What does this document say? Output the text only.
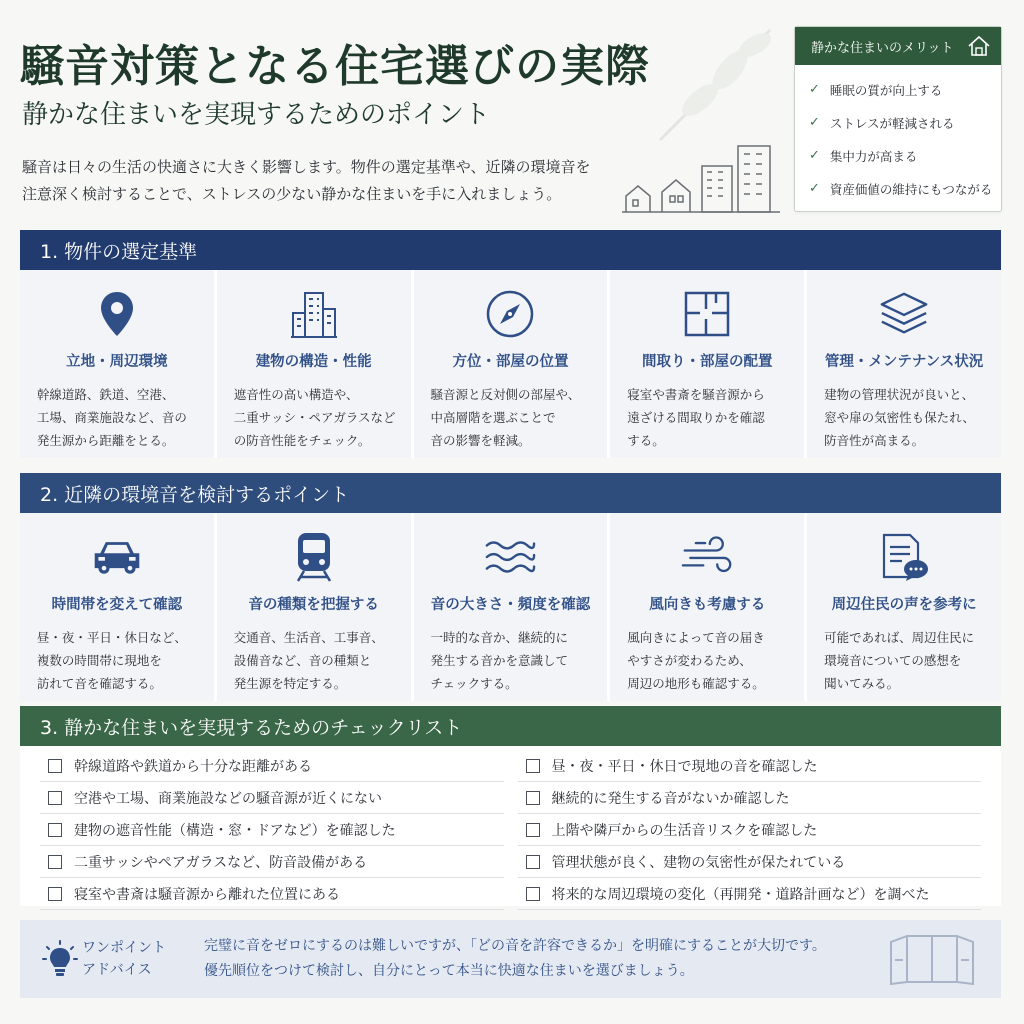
騒音対策となる住宅選びの実際
静かな住まいを実現するためのポイント

騒音は日々の生活の快適さに大きく影響します。物件の選定基準や、近隣の環境音を

注意深く検討することで、ストレスの少ない静かな住まいを手に入れましょう。

静かな住まいのメリット
✓ 睡眠の質が向上する
✓ ストレスが軽減される
✓ 集中力が高まる
✓ 資産価値の維持にもつながる
1. 物件の選定基準
立地・周辺環境

幹線道路、鉄道、空港、

工場、商業施設など、音の

発生源から距離をとる。

建物の構造・性能

遮音性の高い構造や、

二重サッシ・ペアガラスなど

の防音性能をチェック。

方位・部屋の位置

騒音源と反対側の部屋や、

中高層階を選ぶことで

音の影響を軽減。

間取り・部屋の配置

寝室や書斎を騒音源から

遠ざける間取りかを確認

する。

管理・メンテナンス状況

建物の管理状況が良いと、

窓や扉の気密性も保たれ、

防音性が高まる。

2. 近隣の環境音を検討するポイント
時間帯を変えて確認

昼・夜・平日・休日など、

複数の時間帯に現地を

訪れて音を確認する。

音の種類を把握する

交通音、生活音、工事音、

設備音など、音の種類と

発生源を特定する。

音の大きさ・頻度を確認

一時的な音か、継続的に

発生する音かを意識して

チェックする。

風向きも考慮する

風向きによって音の届き

やすさが変わるため、

周辺の地形も確認する。

周辺住民の声を参考に

可能であれば、周辺住民に

環境音についての感想を

聞いてみる。

3. 静かな住まいを実現するためのチェックリスト
幹線道路や鉄道から十分な距離がある
空港や工場、商業施設などの騒音源が近くにない
建物の遮音性能（構造・窓・ドアなど）を確認した
二重サッシやペアガラスなど、防音設備がある
寝室や書斎は騒音源から離れた位置にある
昼・夜・平日・休日で現地の音を確認した
継続的に発生する音がないか確認した
上階や隣戸からの生活音リスクを確認した
管理状態が良く、建物の気密性が保たれている
将来的な周辺環境の変化（再開発・道路計画など）を調べた

ワンポイント

アドバイス

完璧に音をゼロにするのは難しいですが、「どの音を許容できるか」を明確にすることが大切です。

優先順位をつけて検討し、自分にとって本当に快適な住まいを選びましょう。
